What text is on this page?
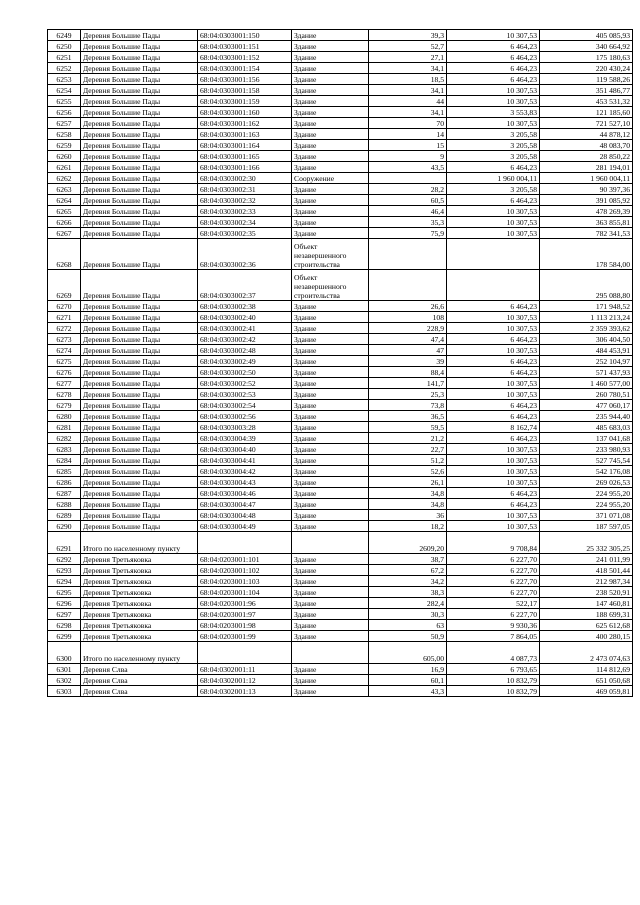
6249	Деревня Большие Пады	68:04:0303001:150	Здание	39,3	10 307,53	405 085,93
6250	Деревня Большие Пады	68:04:0303001:151	Здание	52,7	6 464,23	340 664,92
6251	Деревня Большие Пады	68:04:0303001:152	Здание	27,1	6 464,23	175 180,63
6252	Деревня Большие Пады	68:04:0303001:154	Здание	34,1	6 464,23	220 430,24
6253	Деревня Большие Пады	68:04:0303001:156	Здание	18,5	6 464,23	119 588,26
6254	Деревня Большие Пады	68:04:0303001:158	Здание	34,1	10 307,53	351 486,77
6255	Деревня Большие Пады	68:04:0303001:159	Здание	44	10 307,53	453 531,32
6256	Деревня Большие Пады	68:04:0303001:160	Здание	34,1	3 553,83	121 185,60
6257	Деревня Большие Пады	68:04:0303001:162	Здание	70	10 307,53	721 527,10
6258	Деревня Большие Пады	68:04:0303001:163	Здание	14	3 205,58	44 878,12
6259	Деревня Большие Пады	68:04:0303001:164	Здание	15	3 205,58	48 083,70
6260	Деревня Большие Пады	68:04:0303001:165	Здание	9	3 205,58	28 850,22
6261	Деревня Большие Пады	68:04:0303001:166	Здание	43,5	6 464,23	281 194,01
6262	Деревня Большие Пады	68:04:0303002:30	Сооружение		1 960 004,11	1 960 004,11
6263	Деревня Большие Пады	68:04:0303002:31	Здание	28,2	3 205,58	90 397,36
6264	Деревня Большие Пады	68:04:0303002:32	Здание	60,5	6 464,23	391 085,92
6265	Деревня Большие Пады	68:04:0303002:33	Здание	46,4	10 307,53	478 269,39
6266	Деревня Большие Пады	68:04:0303002:34	Здание	35,3	10 307,53	363 855,81
6267	Деревня Большие Пады	68:04:0303002:35	Здание	75,9	10 307,53	782 341,53
6268	Деревня Большие Пады	68:04:0303002:36	Объект незавершенного строительства			178 584,00
6269	Деревня Большие Пады	68:04:0303002:37	Объект незавершенного строительства			295 088,80
6270	Деревня Большие Пады	68:04:0303002:38	Здание	26,6	6 464,23	171 948,52
6271	Деревня Большие Пады	68:04:0303002:40	Здание	108	10 307,53	1 113 213,24
6272	Деревня Большие Пады	68:04:0303002:41	Здание	228,9	10 307,53	2 359 393,62
6273	Деревня Большие Пады	68:04:0303002:42	Здание	47,4	6 464,23	306 404,50
6274	Деревня Большие Пады	68:04:0303002:48	Здание	47	10 307,53	484 453,91
6275	Деревня Большие Пады	68:04:0303002:49	Здание	39	6 464,23	252 104,97
6276	Деревня Большие Пады	68:04:0303002:50	Здание	88,4	6 464,23	571 437,93
6277	Деревня Большие Пады	68:04:0303002:52	Здание	141,7	10 307,53	1 460 577,00
6278	Деревня Большие Пады	68:04:0303002:53	Здание	25,3	10 307,53	260 780,51
6279	Деревня Большие Пады	68:04:0303002:54	Здание	73,8	6 464,23	477 060,17
6280	Деревня Большие Пады	68:04:0303002:56	Здание	36,5	6 464,23	235 944,40
6281	Деревня Большие Пады	68:04:0303003:28	Здание	59,5	8 162,74	485 683,03
6282	Деревня Большие Пады	68:04:0303004:39	Здание	21,2	6 464,23	137 041,68
6283	Деревня Большие Пады	68:04:0303004:40	Здание	22,7	10 307,53	233 980,93
6284	Деревня Большие Пады	68:04:0303004:41	Здание	51,2	10 307,53	527 745,54
6285	Деревня Большие Пады	68:04:0303004:42	Здание	52,6	10 307,53	542 176,08
6286	Деревня Большие Пады	68:04:0303004:43	Здание	26,1	10 307,53	269 026,53
6287	Деревня Большие Пады	68:04:0303004:46	Здание	34,8	6 464,23	224 955,20
6288	Деревня Большие Пады	68:04:0303004:47	Здание	34,8	6 464,23	224 955,20
6289	Деревня Большие Пады	68:04:0303004:48	Здание	36	10 307,53	371 071,08
6290	Деревня Большие Пады	68:04:0303004:49	Здание	18,2	10 307,53	187 597,05
6291	Итого по населенному пункту			2609,20	9 708,84	25 332 305,25
6292	Деревня Третьяковка	68:04:0203001:101	Здание	38,7	6 227,70	241 011,99
6293	Деревня Третьяковка	68:04:0203001:102	Здание	67,2	6 227,70	418 501,44
6294	Деревня Третьяковка	68:04:0203001:103	Здание	34,2	6 227,70	212 987,34
6295	Деревня Третьяковка	68:04:0203001:104	Здание	38,3	6 227,70	238 520,91
6296	Деревня Третьяковка	68:04:0203001:96	Здание	282,4	522,17	147 460,81
6297	Деревня Третьяковка	68:04:0203001:97	Здание	30,3	6 227,70	188 699,31
6298	Деревня Третьяковка	68:04:0203001:98	Здание	63	9 930,36	625 612,68
6299	Деревня Третьяковка	68:04:0203001:99	Здание	50,9	7 864,05	400 280,15
6300	Итого по населенному пункту			605,00	4 087,73	2 473 074,63
6301	Деревня Слва	68:04:0302001:11	Здание	16,9	6 793,65	114 812,69
6302	Деревня Слва	68:04:0302001:12	Здание	60,1	10 832,79	651 050,68
6303	Деревня Слва	68:04:0302001:13	Здание	43,3	10 832,79	469 059,81
